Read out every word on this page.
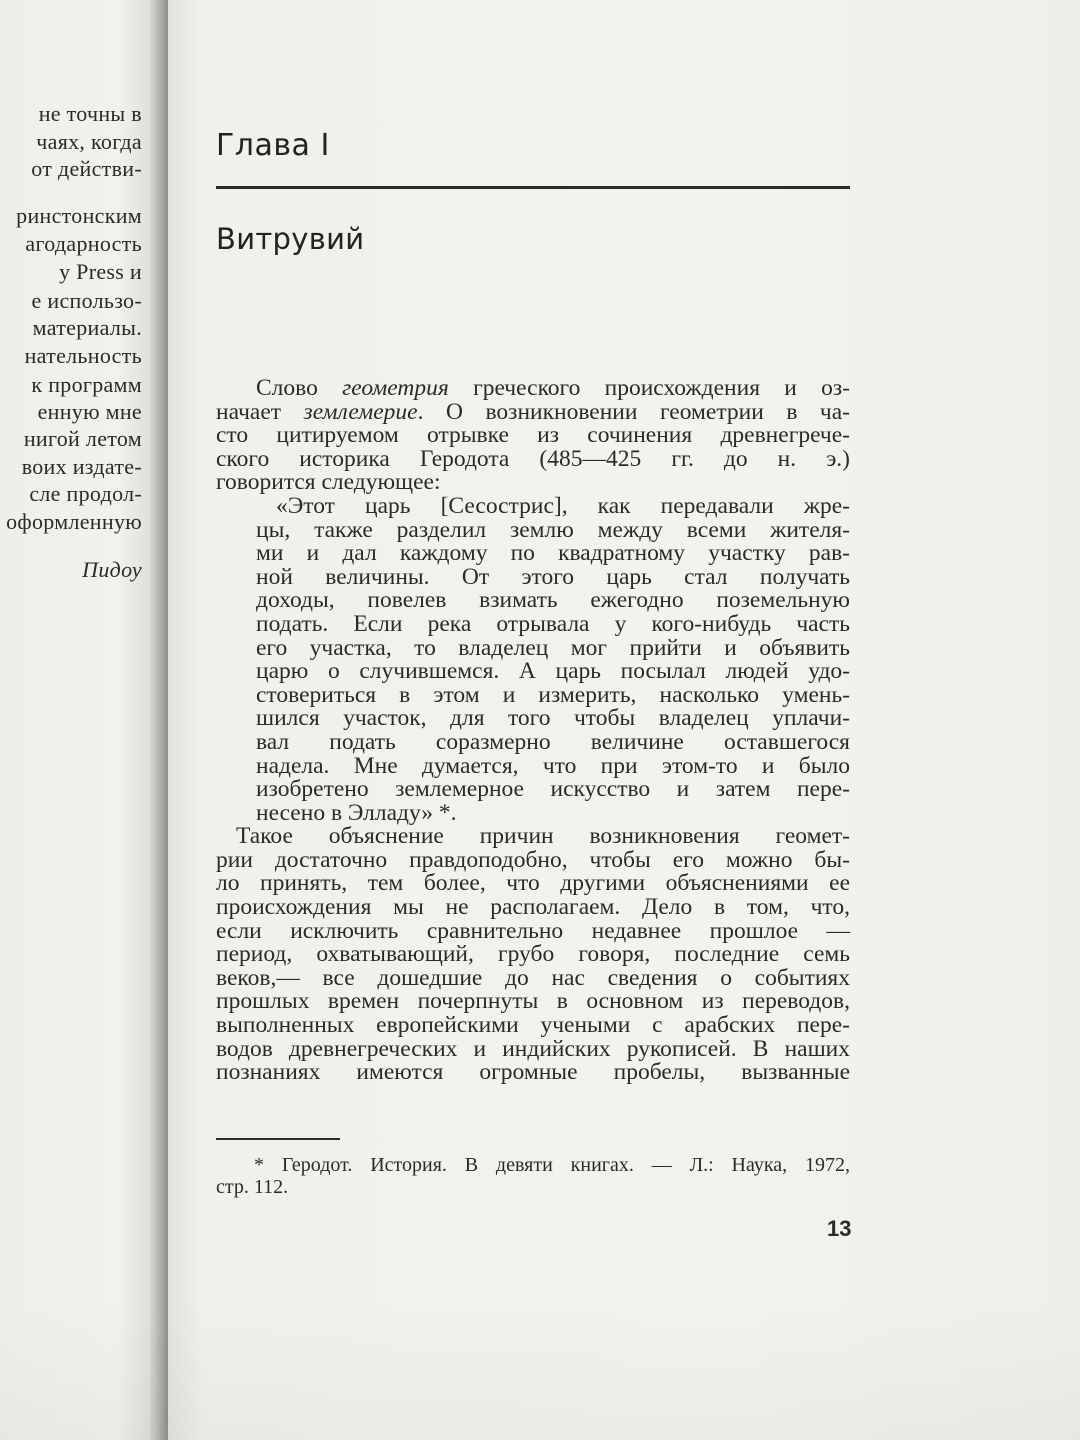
не точны в
чаях, когда
от действи-
ринстонским
агодарность
y Press и
е использо-
материалы.
нательность
к программ
енную мне
нигой летом
воих издате-
сле продол-
оформленную
Пидоу
Глава I
Витрувий
Слово геометрия греческого происхождения и оз-
начает землемерие. О возникновении геометрии в ча-
сто цитируемом отрывке из сочинения древнегрече-
ского историка Геродота (485—425 гг. до н. э.)
говорится следующее:
«Этот царь [Сесострис], как передавали жре-
цы, также разделил землю между всеми жителя-
ми и дал каждому по квадратному участку рав-
ной величины. От этого царь стал получать
доходы, повелев взимать ежегодно поземельную
подать. Если река отрывала у кого-нибудь часть
его участка, то владелец мог прийти и объявить
царю о случившемся. А царь посылал людей удо-
стовериться в этом и измерить, насколько умень-
шился участок, для того чтобы владелец уплачи-
вал подать соразмерно величине оставшегося
надела. Мне думается, что при этом-то и было
изобретено землемерное искусство и затем пере-
несено в Элладу» *.
Такое объяснение причин возникновения геомет-
рии достаточно правдоподобно, чтобы его можно бы-
ло принять, тем более, что другими объяснениями ее
происхождения мы не располагаем. Дело в том, что,
если исключить сравнительно недавнее прошлое —
период, охватывающий, грубо говоря, последние семь
веков,— все дошедшие до нас сведения о событиях
прошлых времен почерпнуты в основном из переводов,
выполненных европейскими учеными с арабских пере-
водов древнегреческих и индийских рукописей. В наших
познаниях имеются огромные пробелы, вызванные
* Геродот. История. В девяти книгах. — Л.: Наука, 1972,
стр. 112.
13
